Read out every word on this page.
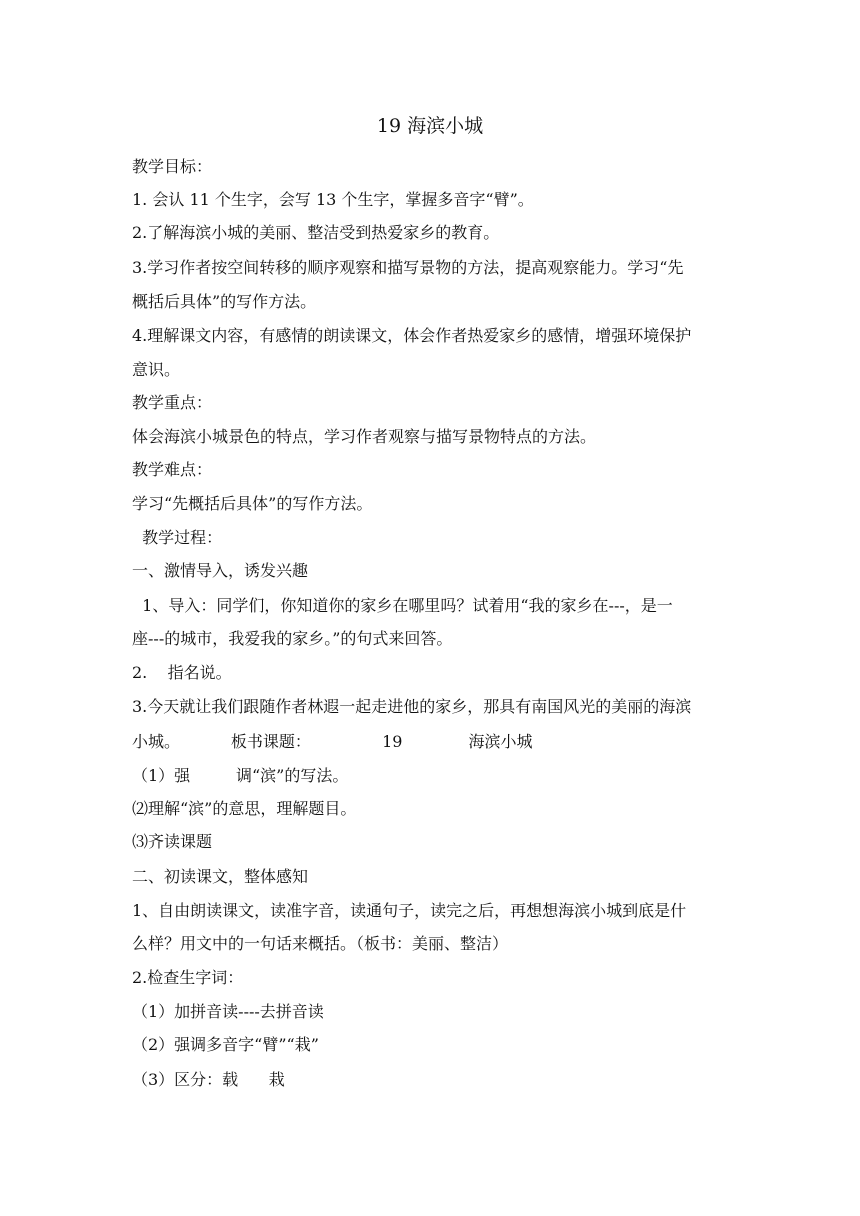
19 海滨小城
教学目标：
1. 会认 11 个生字，会写 13 个生字，掌握多音字“臂”。
2.了解海滨小城的美丽、整洁受到热爱家乡的教育。
3.学习作者按空间转移的顺序观察和描写景物的方法，提高观察能力。学习“先
概括后具体”的写作方法。
4.理解课文内容，有感情的朗读课文，体会作者热爱家乡的感情，增强环境保护
意识。
教学重点：
体会海滨小城景色的特点，学习作者观察与描写景物特点的方法。
教学难点：
学习“先概括后具体”的写作方法。
教学过程：
一、激情导入，诱发兴趣
1、导入：同学们，你知道你的家乡在哪里吗？试着用“我的家乡在---，是一
座---的城市，我爱我的家乡。”的句式来回答。
2.    指名说。
3.今天就让我们跟随作者林遐一起走进他的家乡，那具有南国风光的美丽的海滨
小城。          板书课题：              19             海滨小城
（1）强         调“滨”的写法。
⑵理解“滨”的意思，理解题目。
⑶齐读课题
二、初读课文，整体感知
1、自由朗读课文，读准字音，读通句子，读完之后，再想想海滨小城到底是什
么样？用文中的一句话来概括。（板书：美丽、整洁）
2.检查生字词：
（1）加拼音读----去拼音读
（2）强调多音字“臂”“栽”
（3）区分：载      栽
